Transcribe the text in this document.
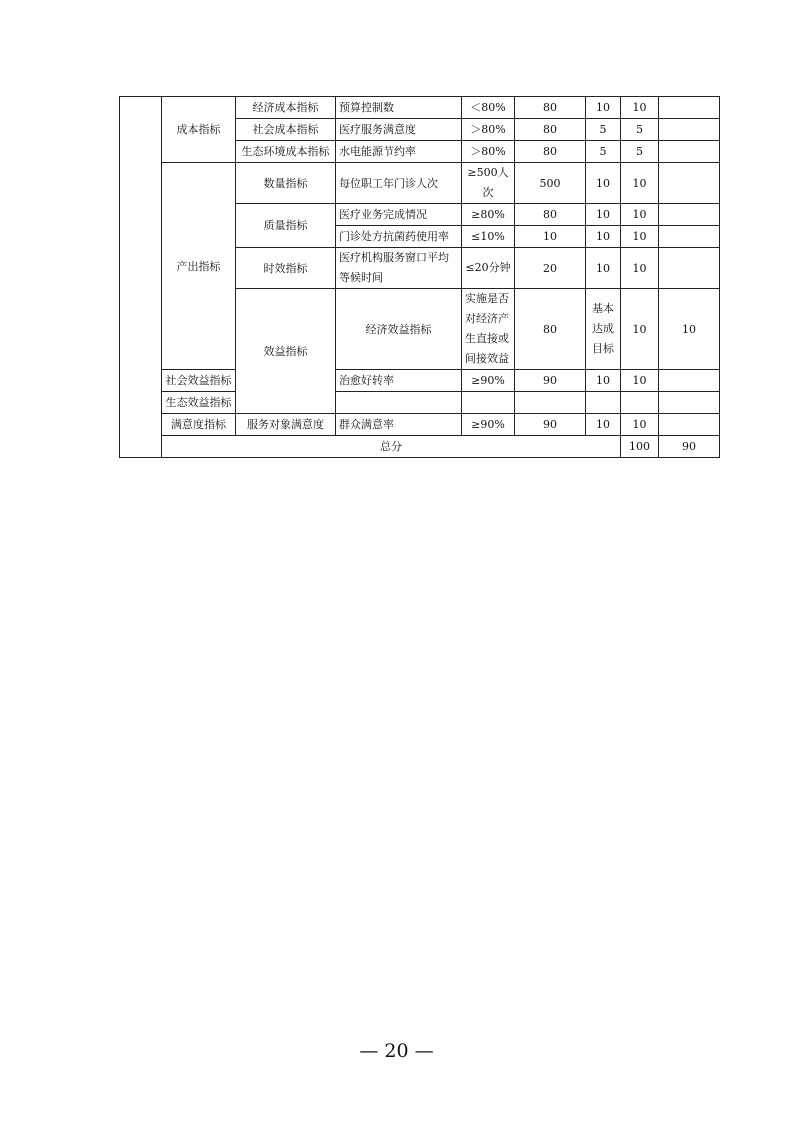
	成本指标	经济成本指标	预算控制数	＜80%	80	10	10		
		社会成本指标	医疗服务满意度	＞80%	80	5	5		
		生态环境成本指标	水电能源节约率	＞80%	80	5	5		
	产出指标	数量指标	每位职工年门诊人次	≥500人次	500	10	10		
		质量指标	医疗业务完成情况	≥80%	80	10	10		
			门诊处方抗菌药使用率	≤10%	10	10	10		
		时效指标	医疗机构服务窗口平均等候时间	≤20分钟	20	10	10		
		效益指标	经济效益指标	实施是否对经济产生直接或间接效益	80	基本达成目标	10	10	
	社会效益指标		治愈好转率	≥90%	90	10	10		
	生态效益指标								
	满意度指标	服务对象满意度	群众满意率	≥90%	90	10	10		
	总分						100	90	
— 20 —
